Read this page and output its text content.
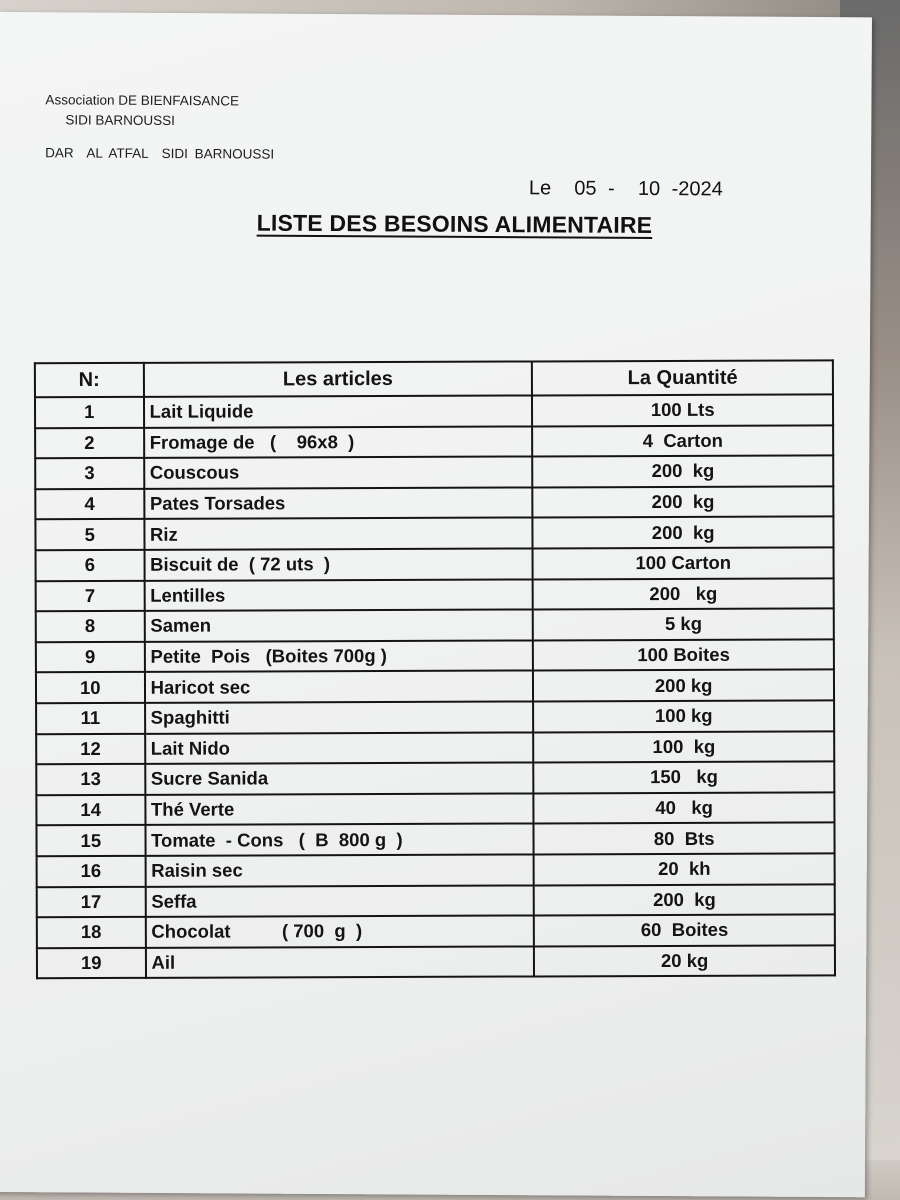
Association DE BIENFAISANCE
SIDI BARNOUSSI
DAR  AL ATFAL  SIDI BARNOUSSI
Le  05 -  10 -2024
LISTE DES BESOINS ALIMENTAIRE
N:	Les articles	La Quantité
1	Lait Liquide	100 Lts
2	Fromage de   (    96x8  )	4  Carton
3	Couscous	200  kg
4	Pates Torsades	200  kg
5	Riz	200  kg
6	Biscuit de  ( 72 uts  )	100 Carton
7	Lentilles	200   kg
8	Samen	5 kg
9	Petite  Pois   (Boites 700g )	100 Boites
10	Haricot sec	200 kg
11	Spaghitti	100 kg
12	Lait Nido	100  kg
13	Sucre Sanida	150   kg
14	Thé Verte	40   kg
15	Tomate  - Cons   (  B  800 g  )	80  Bts
16	Raisin sec	20  kh
17	Seffa	200  kg
18	Chocolat          ( 700  g  )	60  Boites
19	Ail	20 kg
